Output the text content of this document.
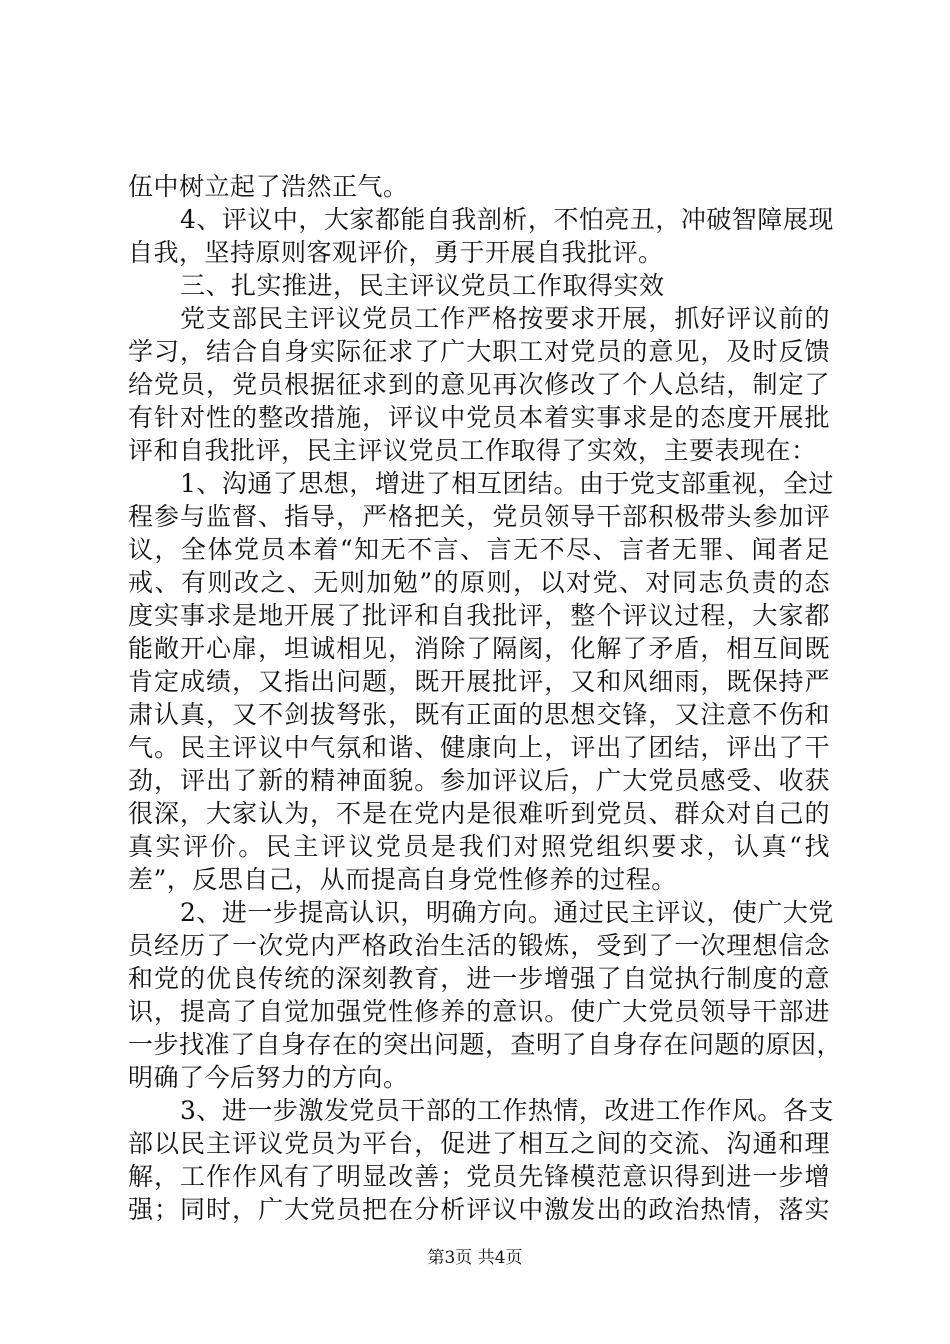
伍中树立起了浩然正气。
4、评议中，大家都能自我剖析，不怕亮丑，冲破智障展现
自我，坚持原则客观评价，勇于开展自我批评。
三、扎实推进，民主评议党员工作取得实效
党支部民主评议党员工作严格按要求开展，抓好评议前的
学习，结合自身实际征求了广大职工对党员的意见，及时反馈
给党员，党员根据征求到的意见再次修改了个人总结，制定了
有针对性的整改措施，评议中党员本着实事求是的态度开展批
评和自我批评，民主评议党员工作取得了实效，主要表现在：
1、沟通了思想，增进了相互团结。由于党支部重视，全过
程参与监督、指导，严格把关，党员领导干部积极带头参加评
议，全体党员本着“知无不言、言无不尽、言者无罪、闻者足
戒、有则改之、无则加勉”的原则，以对党、对同志负责的态
度实事求是地开展了批评和自我批评，整个评议过程，大家都
能敞开心扉，坦诚相见，消除了隔阂，化解了矛盾，相互间既
肯定成绩，又指出问题，既开展批评，又和风细雨，既保持严
肃认真，又不剑拔弩张，既有正面的思想交锋，又注意不伤和
气。民主评议中气氛和谐、健康向上，评出了团结，评出了干
劲，评出了新的精神面貌。参加评议后，广大党员感受、收获
很深，大家认为，不是在党内是很难听到党员、群众对自己的
真实评价。民主评议党员是我们对照党组织要求，认真“找
差”，反思自己，从而提高自身党性修养的过程。
2、进一步提高认识，明确方向。通过民主评议，使广大党
员经历了一次党内严格政治生活的锻炼，受到了一次理想信念
和党的优良传统的深刻教育，进一步增强了自觉执行制度的意
识，提高了自觉加强党性修养的意识。使广大党员领导干部进
一步找准了自身存在的突出问题，查明了自身存在问题的原因，
明确了今后努力的方向。
3、进一步激发党员干部的工作热情，改进工作作风。各支
部以民主评议党员为平台，促进了相互之间的交流、沟通和理
解，工作作风有了明显改善；党员先锋模范意识得到进一步增
强；同时，广大党员把在分析评议中激发出的政治热情，落实
第3页 共4页
